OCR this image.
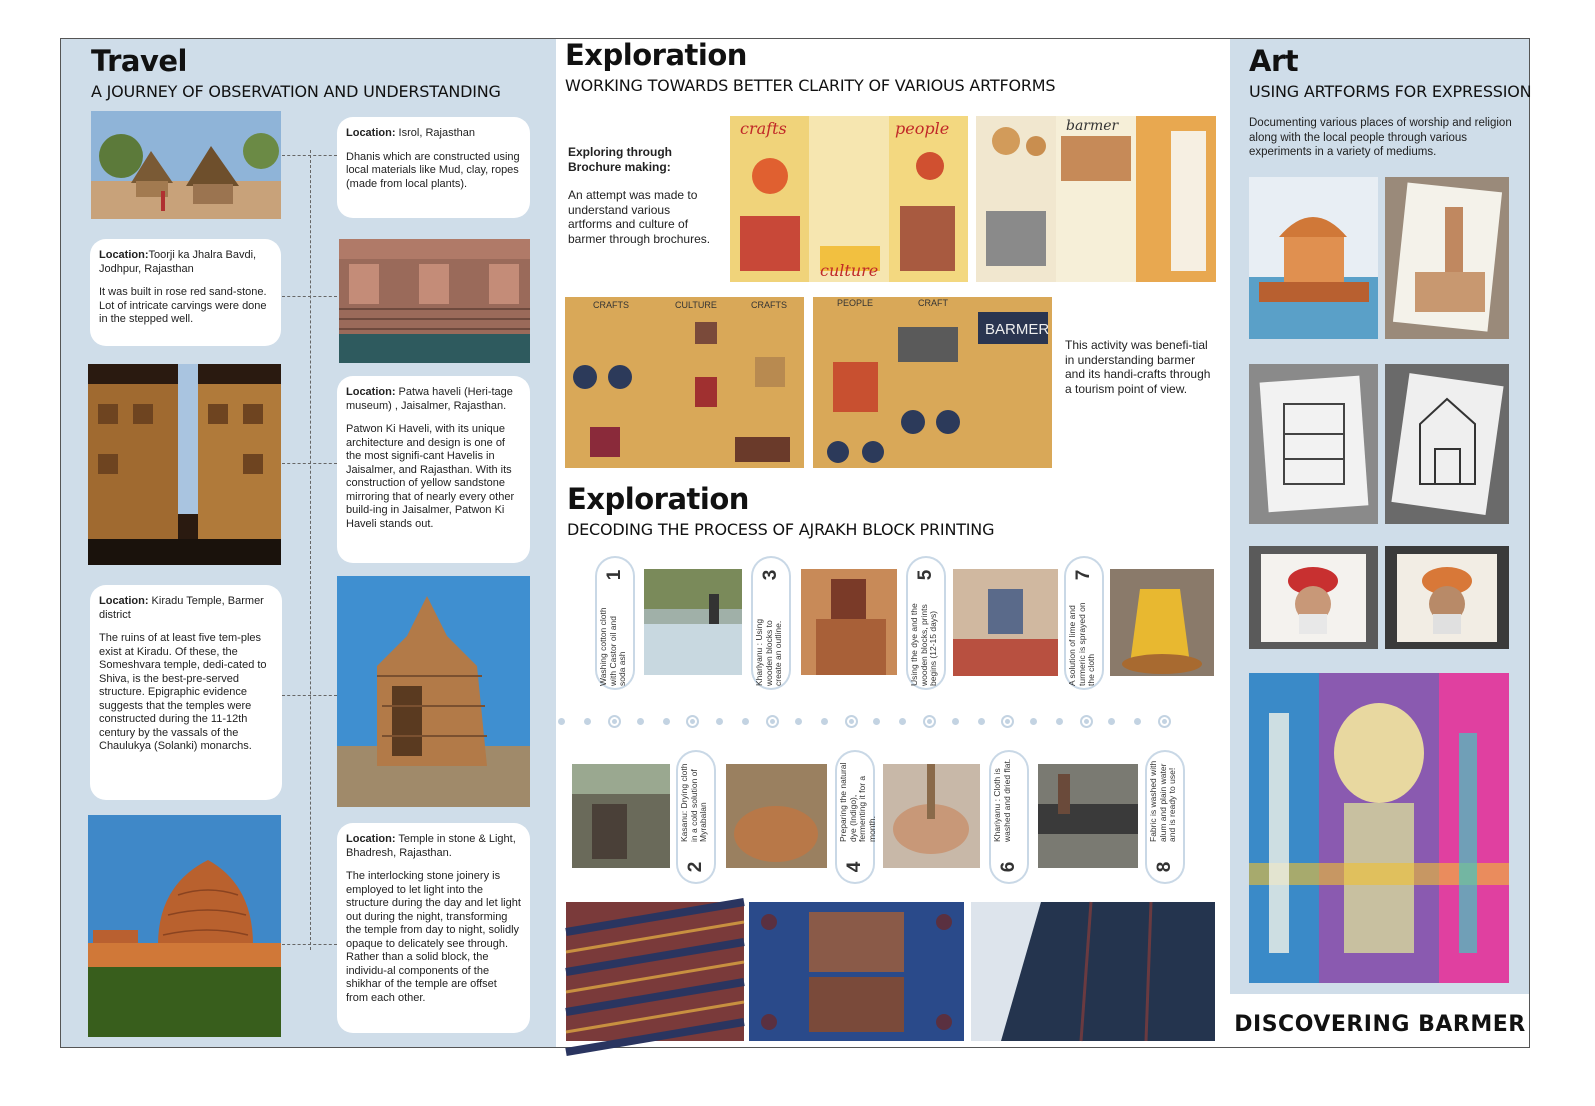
Travel
A JOURNEY OF OBSERVATION AND UNDERSTANDING

Location: Isrol, Rajasthan

Dhanis which are constructed using local materials like Mud, clay, ropes (made from local plants).

Location:Toorji ka Jhalra Bavdi, Jodhpur, Rajasthan

It was built in rose red sand-stone. Lot of intricate carvings were done in the stepped well.

Location: Patwa haveli (Heri-tage museum) , Jaisalmer, Rajasthan.

Patwon Ki Haveli, with its unique architecture and design is one of the most signifi-cant Havelis in Jaisalmer, and Rajasthan. With its construction of yellow sandstone mirroring that of nearly every other build-ing in Jaisalmer, Patwon Ki Haveli stands out.

Location: Kiradu Temple, Barmer district

The ruins of at least five tem-ples exist at Kiradu. Of these, the Someshvara temple, dedi-cated to Shiva, is the best-pre-served structure. Epigraphic evidence suggests that the temples were constructed during the 11-12th century by the vassals of the Chaulukya (Solanki) monarchs.

Location: Temple in stone & Light, Bhadresh, Rajasthan.

The interlocking stone joinery is employed to let light into the structure during the day and let light out during the night, transforming the temple from day to night, solidly opaque to delicately see through. Rather than a solid block, the individu-al components of the shikhar of the temple are offset from each other.

Exploration
WORKING TOWARDS BETTER CLARITY OF VARIOUS ARTFORMS
Exploring through Brochure making:
An attempt was made to understand various artforms and culture of barmer through brochures.
crafts	people
culture
barmer
CRAFTS	CULTURE	CRAFTS	PEOPLE	CRAFT
BARMER
This activity was benefi-tial in understanding barmer and its handi-crafts through a tourism point of view.
Exploration
DECODING THE PROCESS OF AJRAKH BLOCK PRINTING
1
Washing cotton cloth with Castor oil and soda ash
3
Kharlyanu : Using wooden blocks to create an outline.
5
Using the dye and the wooden blocks, prints begins (12-15 days)
7
A solution of lime and turmeric is sprayed on the cloth
Kasanu: Drying cloth in a cold solution of Myrabalan
2
Preparing the natural dye (Indigo), fermenting it for a month.
4
Khariyanu : Cloth is washed and dried flat.
6
Fabric is washed with alum and plain water and is ready to use!
8
Art
USING ARTFORMS FOR EXPRESSION
Documenting various places of worship and religion along with the local people through various experiments in a variety of mediums.
DISCOVERING BARMER
